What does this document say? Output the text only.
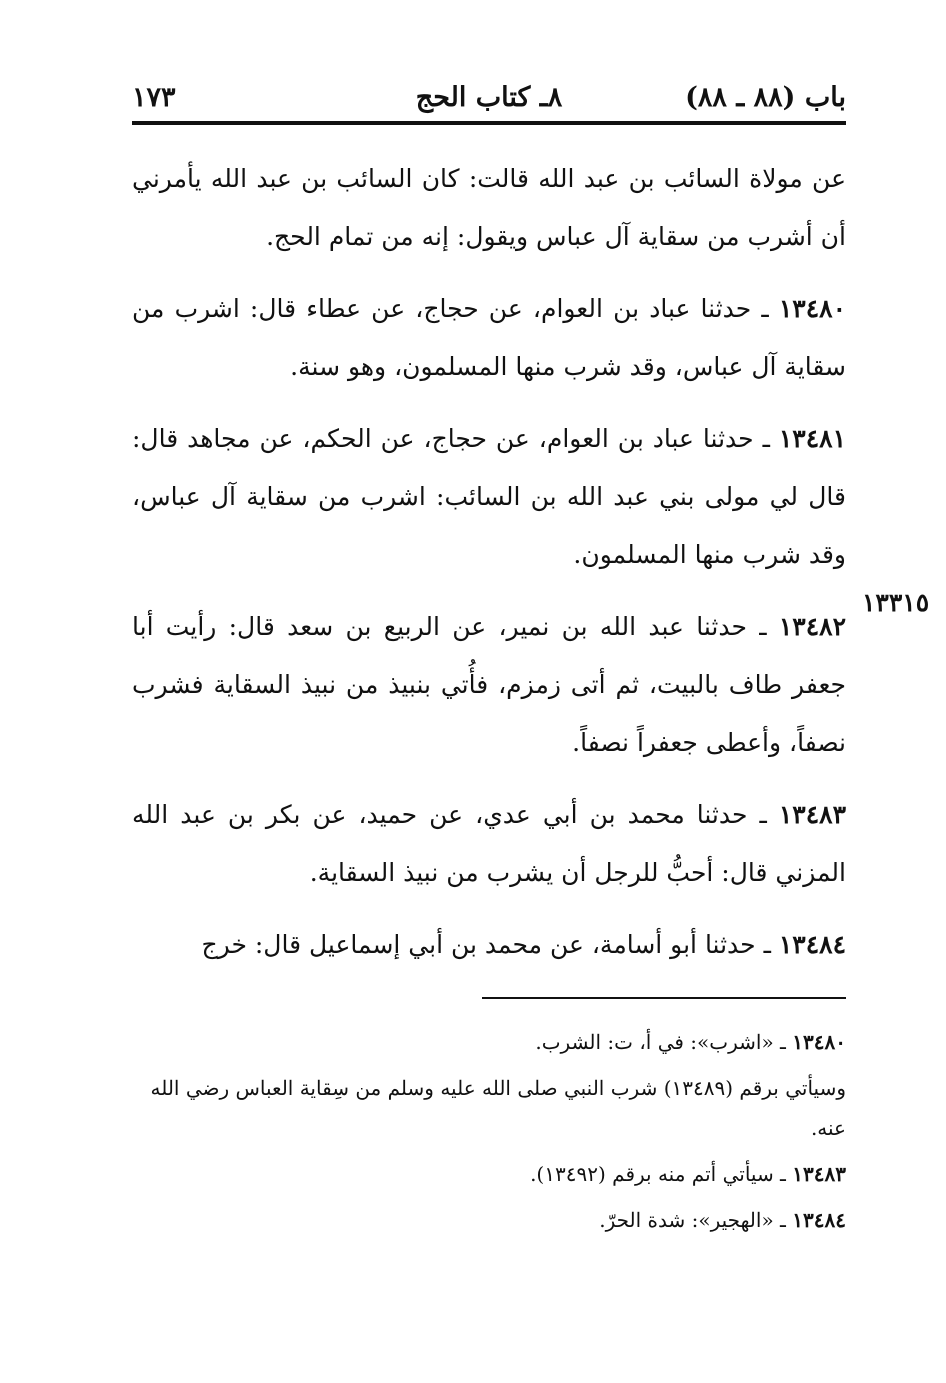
باب (٨٨ ـ ٨٨)
٨ـ كتاب الحج
١٧٣

عن مولاة السائب بن عبد الله قالت: كان السائب بن عبد الله يأمرني أن أشرب من سقاية آل عباس ويقول: إنه من تمام الحج.

١٣٤٨٠ ـ حدثنا عباد بن العوام، عن حجاج، عن عطاء قال: اشرب من سقاية آل عباس، وقد شرب منها المسلمون، وهو سنة.

١٣٤٨١ ـ حدثنا عباد بن العوام، عن حجاج، عن الحكم، عن مجاهد قال: قال لي مولى بني عبد الله بن السائب: اشرب من سقاية آل عباس، وقد شرب منها المسلمون.

١٣٤٨٢ ـ حدثنا عبد الله بن نمير، عن الربيع بن سعد قال: رأيت أبا جعفر طاف بالبيت، ثم أتى زمزم، فأُتي بنبيذ من نبيذ السقاية فشرب نصفاً، وأعطى جعفراً نصفاً.

١٣٤٨٣ ـ حدثنا محمد بن أبي عدي، عن حميد، عن بكر بن عبد الله المزني قال: أحبُّ للرجل أن يشرب من نبيذ السقاية.

١٣٤٨٤ ـ حدثنا أبو أسامة، عن محمد بن أبي إسماعيل قال: خرج

١٣٣١٥

١٣٤٨٠ ـ «اشرب»: في أ، ت: الشرب.

وسيأتي برقم (١٣٤٨٩) شرب النبي صلى الله عليه وسلم من سِقاية العباس رضي الله عنه.

١٣٤٨٣ ـ سيأتي أتم منه برقم (١٣٤٩٢).

١٣٤٨٤ ـ «الهجير»: شدة الحرّ.
